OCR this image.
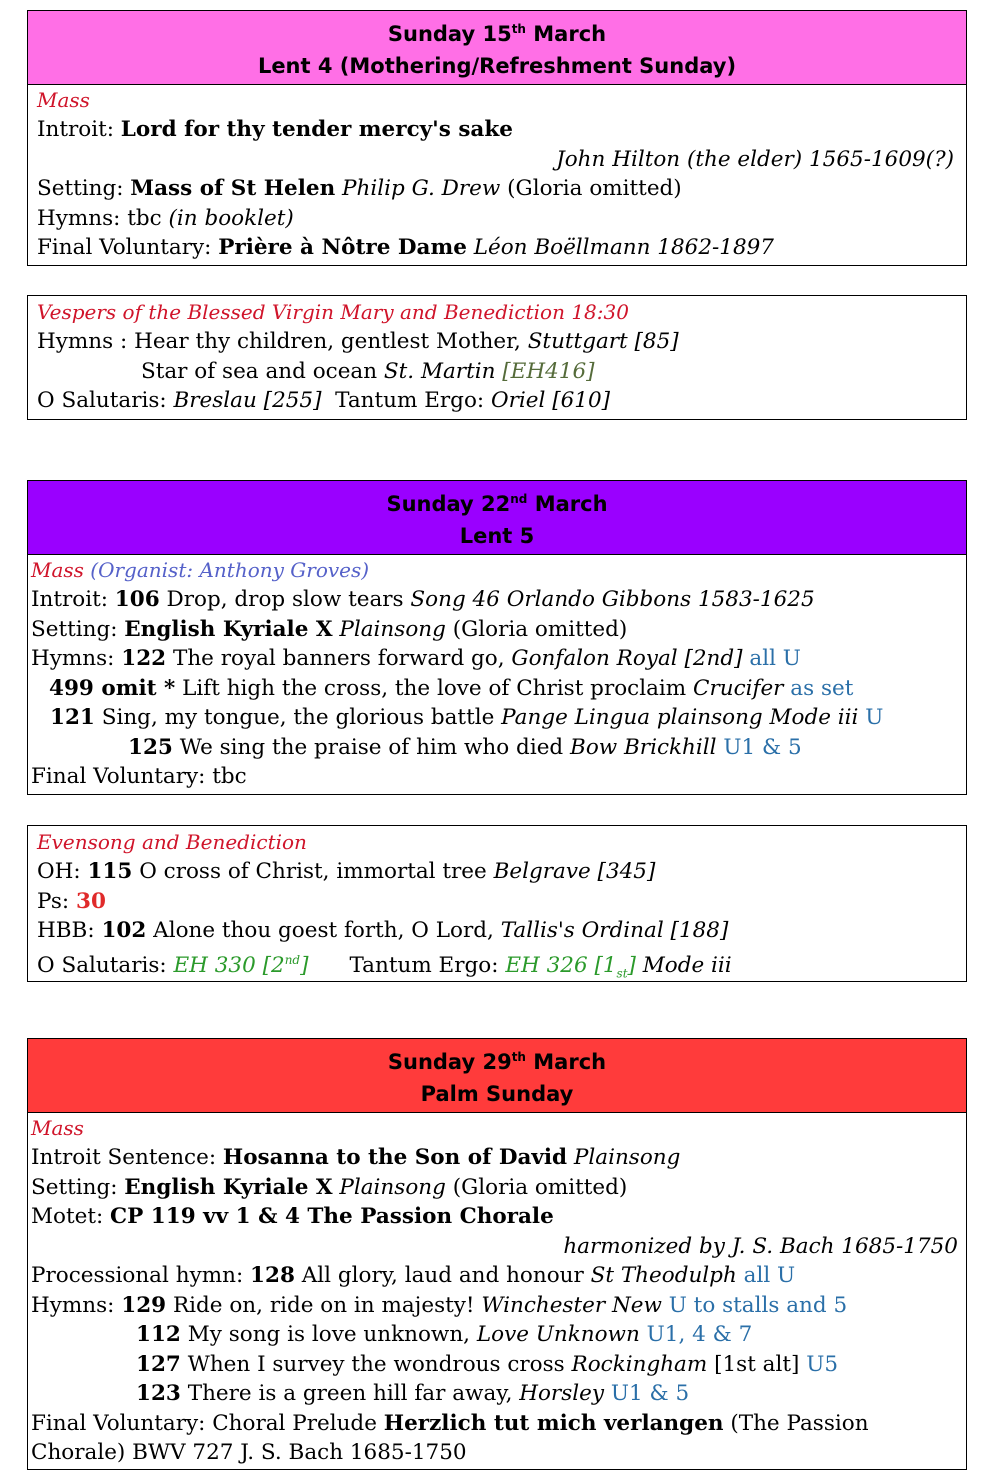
Sunday 15th March
Lent 4 (Mothering/Refreshment Sunday)
Mass
Introit: Lord for thy tender mercy's sake
John Hilton (the elder) 1565-1609(?)
Setting: Mass of St Helen Philip G. Drew (Gloria omitted)
Hymns: tbc (in booklet)
Final Voluntary: Prière à Nôtre Dame Léon Boëllmann 1862-1897
Vespers of the Blessed Virgin Mary and Benediction 18:30
Hymns : Hear thy children, gentlest Mother, Stuttgart [85]
Star of sea and ocean St. Martin [EH416]
O Salutaris: Breslau [255]  Tantum Ergo: Oriel [610]
Sunday 22nd March
Lent 5
Mass (Organist: Anthony Groves)
Introit: 106 Drop, drop slow tears Song 46 Orlando Gibbons 1583-1625
Setting: English Kyriale X Plainsong (Gloria omitted)
Hymns: 122 The royal banners forward go, Gonfalon Royal [2nd] all U
499 omit * Lift high the cross, the love of Christ proclaim Crucifer as set
121 Sing, my tongue, the glorious battle Pange Lingua plainsong Mode iii U
125 We sing the praise of him who died Bow Brickhill U1 & 5
Final Voluntary: tbc
Evensong and Benediction
OH: 115 O cross of Christ, immortal tree Belgrave [345]
Ps: 30
HBB: 102 Alone thou goest forth, O Lord, Tallis's Ordinal [188]
O Salutaris: EH 330 [2nd]      Tantum Ergo: EH 326 $[1_{st}]$ Mode iii
Sunday 29th March
Palm Sunday
Mass
Introit Sentence: Hosanna to the Son of David Plainsong
Setting: English Kyriale X Plainsong (Gloria omitted)
Motet: CP 119 vv 1 & 4 The Passion Chorale
harmonized by J. S. Bach 1685-1750
Processional hymn: 128 All glory, laud and honour St Theodulph all U
Hymns: 129 Ride on, ride on in majesty! Winchester New U to stalls and 5
112 My song is love unknown, Love Unknown U1, 4 & 7
127 When I survey the wondrous cross Rockingham [1st alt] U5
123 There is a green hill far away, Horsley U1 & 5
Final Voluntary: Choral Prelude Herzlich tut mich verlangen (The Passion
Chorale) BWV 727 J. S. Bach 1685-1750
